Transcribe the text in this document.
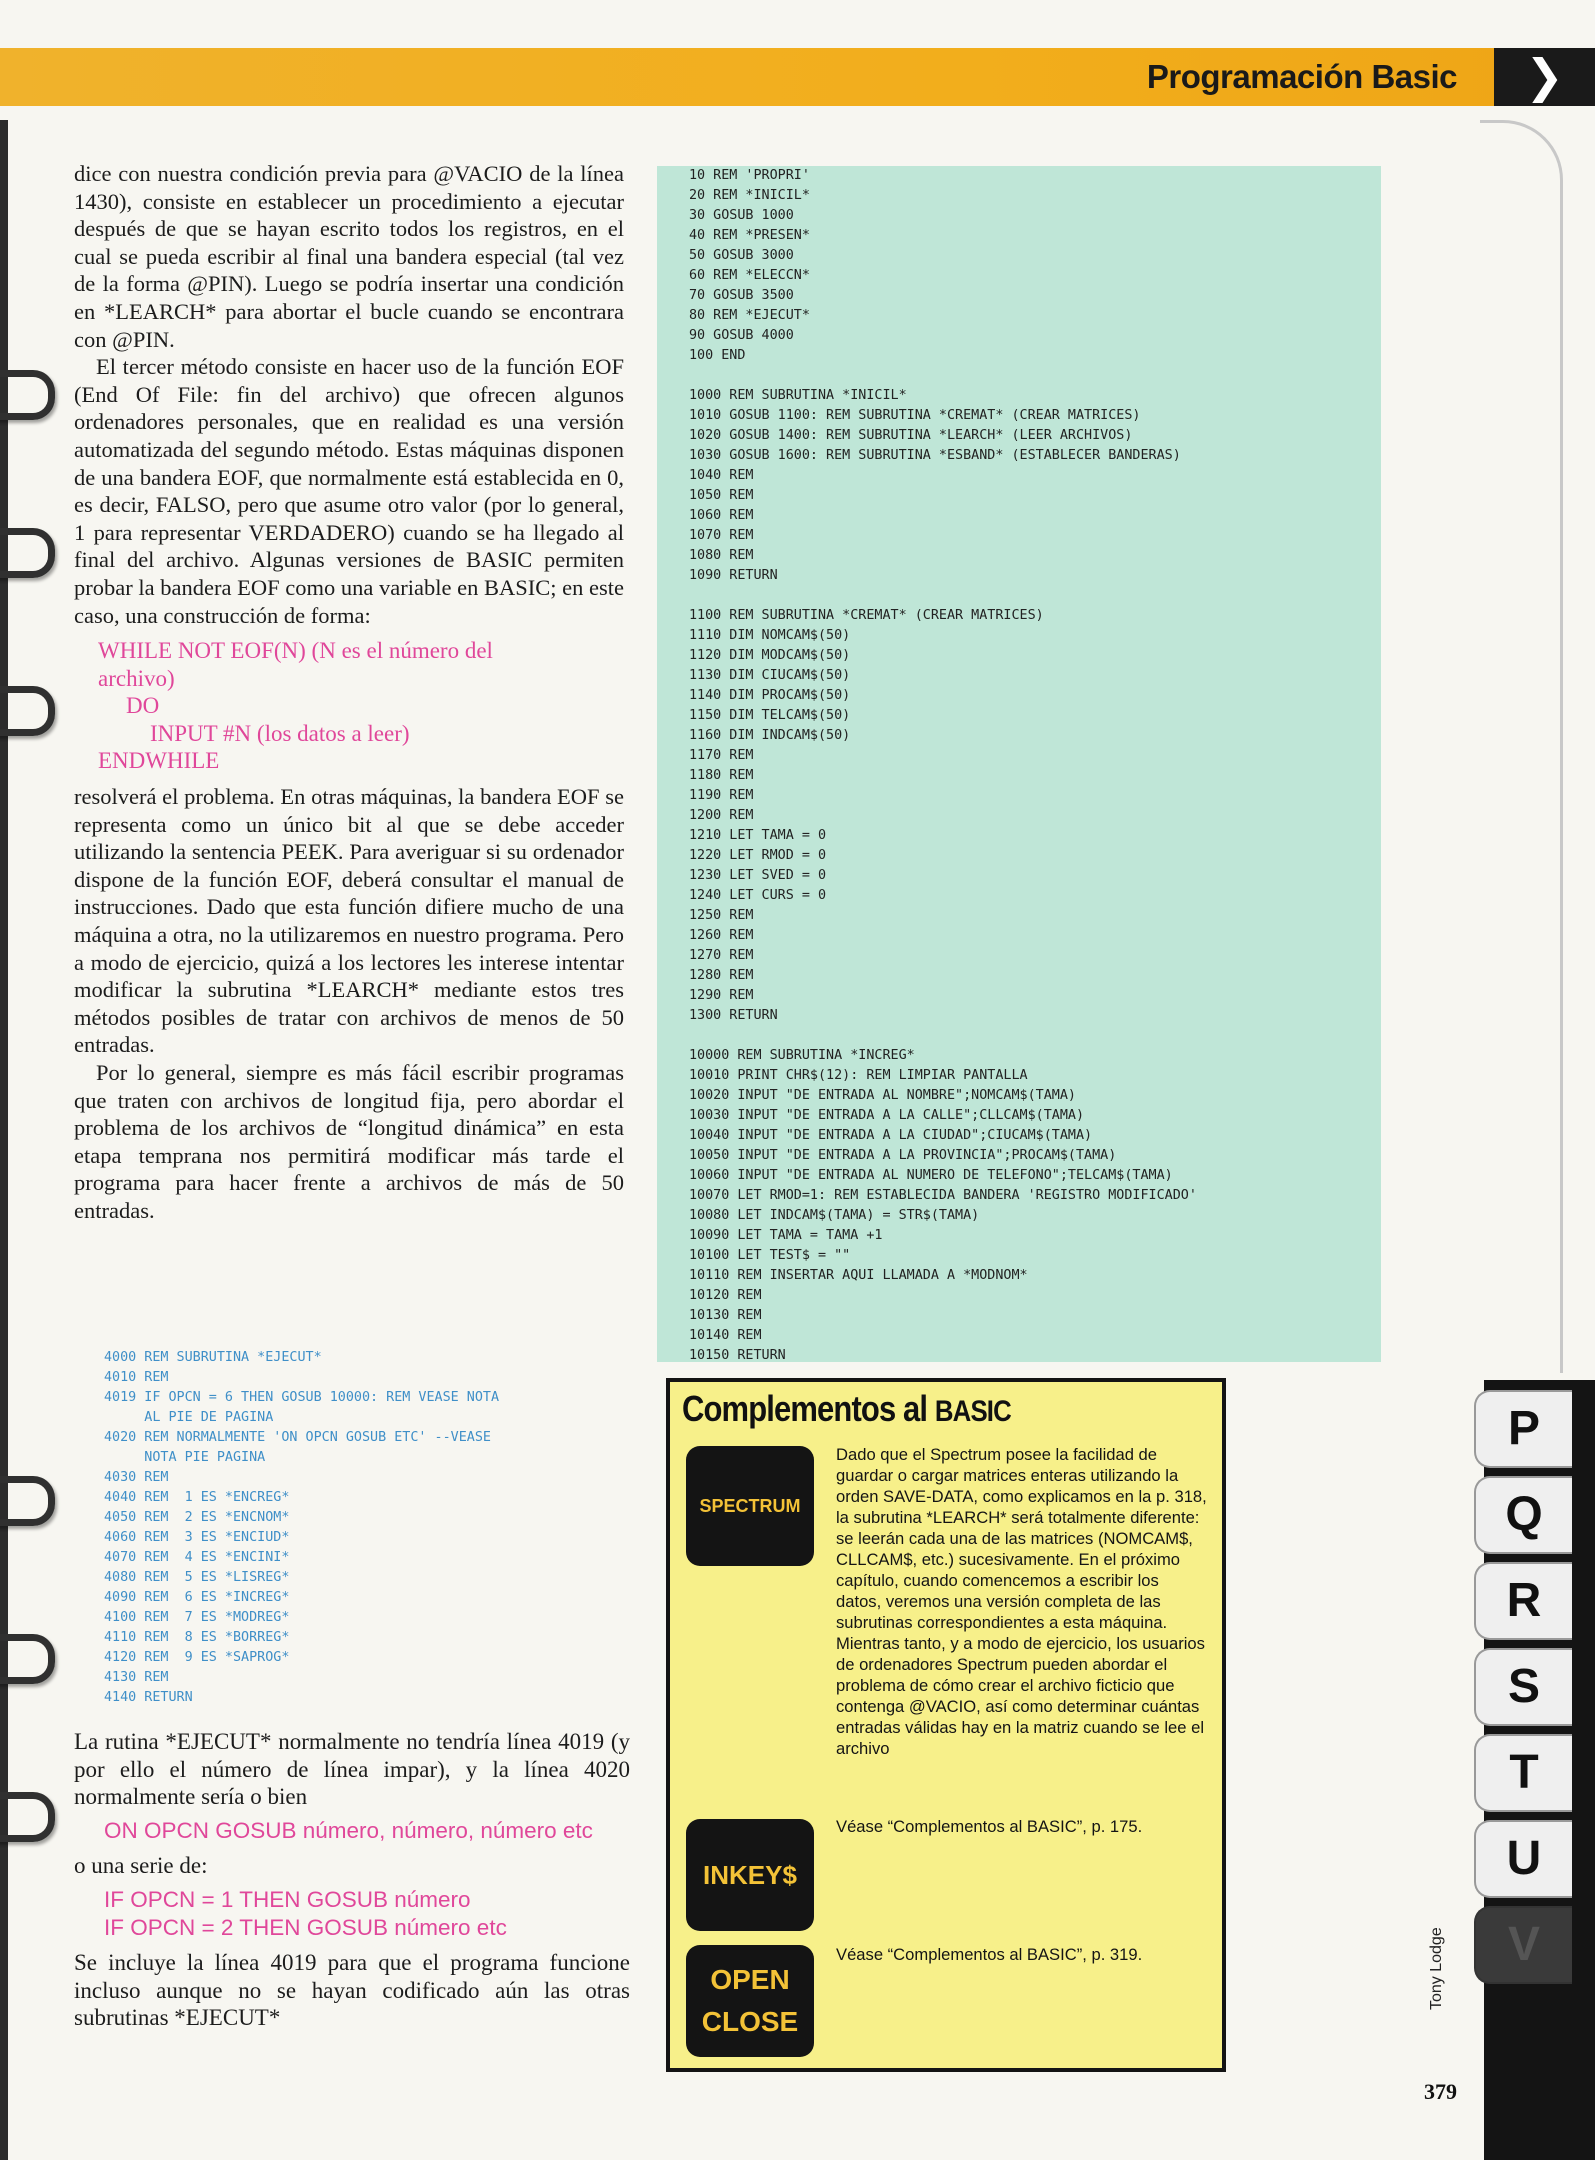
Programación Basic	❯

dice con nuestra condición previa para @VACIO de la línea 1430), consiste en establecer un procedimiento a ejecutar después de que se hayan escrito todos los registros, en el cual se pueda escribir al final una bandera especial (tal vez de la forma @PIN). Luego se podría insertar una condición en *LEARCH* para abortar el bucle cuando se encontrara con @PIN.

El tercer método consiste en hacer uso de la función EOF (End Of File: fin del archivo) que ofrecen algunos ordenadores personales, que en realidad es una versión automatizada del segundo método. Estas máquinas disponen de una bandera EOF, que normalmente está establecida en 0, es decir, FALSO, pero que asume otro valor (por lo general, 1 para representar VERDADERO) cuando se ha llegado al final del archivo. Algunas versiones de BASIC permiten probar la bandera EOF como una variable en BASIC; en este caso, una construcción de forma:

WHILE NOT EOF(N) (N es el número del
archivo)
DO
INPUT #N (los datos a leer)
ENDWHILE

resolverá el problema. En otras máquinas, la bandera EOF se representa como un único bit al que se debe acceder utilizando la sentencia PEEK. Para averiguar si su ordenador dispone de la función EOF, deberá consultar el manual de instrucciones. Dado que esta función difiere mucho de una máquina a otra, no la utilizaremos en nuestro programa. Pero a modo de ejercicio, quizá a los lectores les interese intentar modificar la subrutina *LEARCH* mediante estos tres métodos posibles de tratar con archivos de menos de 50 entradas.

Por lo general, siempre es más fácil escribir programas que traten con archivos de longitud fija, pero abordar el problema de los archivos de “longitud dinámica” en esta etapa temprana nos permitirá modificar más tarde el programa para hacer frente a archivos de más de 50 entradas.

10 REM 'PROPRI'
20 REM *INICIL*
30 GOSUB 1000
40 REM *PRESEN*
50 GOSUB 3000
60 REM *ELECCN*
70 GOSUB 3500
80 REM *EJECUT*
90 GOSUB 4000
100 END

1000 REM SUBRUTINA *INICIL*
1010 GOSUB 1100: REM SUBRUTINA *CREMAT* (CREAR MATRICES)
1020 GOSUB 1400: REM SUBRUTINA *LEARCH* (LEER ARCHIVOS)
1030 GOSUB 1600: REM SUBRUTINA *ESBAND* (ESTABLECER BANDERAS)
1040 REM
1050 REM
1060 REM
1070 REM
1080 REM
1090 RETURN

1100 REM SUBRUTINA *CREMAT* (CREAR MATRICES)
1110 DIM NOMCAM$(50)
1120 DIM MODCAM$(50)
1130 DIM CIUCAM$(50)
1140 DIM PROCAM$(50)
1150 DIM TELCAM$(50)
1160 DIM INDCAM$(50)
1170 REM
1180 REM
1190 REM
1200 REM
1210 LET TAMA = 0
1220 LET RMOD = 0
1230 LET SVED = 0
1240 LET CURS = 0
1250 REM
1260 REM
1270 REM
1280 REM
1290 REM
1300 RETURN

10000 REM SUBRUTINA *INCREG*
10010 PRINT CHR$(12): REM LIMPIAR PANTALLA
10020 INPUT "DE ENTRADA AL NOMBRE";NOMCAM$(TAMA)
10030 INPUT "DE ENTRADA A LA CALLE";CLLCAM$(TAMA)
10040 INPUT "DE ENTRADA A LA CIUDAD";CIUCAM$(TAMA)
10050 INPUT "DE ENTRADA A LA PROVINCIA";PROCAM$(TAMA)
10060 INPUT "DE ENTRADA AL NUMERO DE TELEFONO";TELCAM$(TAMA)
10070 LET RMOD=1: REM ESTABLECIDA BANDERA 'REGISTRO MODIFICADO'
10080 LET INDCAM$(TAMA) = STR$(TAMA)
10090 LET TAMA = TAMA +1
10100 LET TEST$ = ""
10110 REM INSERTAR AQUI LLAMADA A *MODNOM*
10120 REM
10130 REM
10140 REM
10150 RETURN
4000 REM SUBRUTINA *EJECUT*
4010 REM
4019 IF OPCN = 6 THEN GOSUB 10000: REM VEASE NOTA
AL PIE DE PAGINA
4020 REM NORMALMENTE 'ON OPCN GOSUB ETC' --VEASE
NOTA PIE PAGINA
4030 REM
4040 REM  1 ES *ENCREG*
4050 REM  2 ES *ENCNOM*
4060 REM  3 ES *ENCIUD*
4070 REM  4 ES *ENCINI*
4080 REM  5 ES *LISREG*
4090 REM  6 ES *INCREG*
4100 REM  7 ES *MODREG*
4110 REM  8 ES *BORREG*
4120 REM  9 ES *SAPROG*
4130 REM
4140 RETURN

La rutina *EJECUT* normalmente no tendría línea 4019 (y por ello el número de línea impar), y la línea 4020 normalmente sería o bien

ON OPCN GOSUB número, número, número etc

o una serie de:

IF OPCN = 1 THEN GOSUB número
IF OPCN = 2 THEN GOSUB número etc

Se incluye la línea 4019 para que el programa funcione incluso aunque no se hayan codificado aún las otras subrutinas *EJECUT*

Complementos al BASIC
SPECTRUM
Dado que el Spectrum posee la facilidad de guardar o cargar matrices enteras utilizando la orden SAVE-DATA, como explicamos en la p. 318, la subrutina *LEARCH* será totalmente diferente: se leerán cada una de las matrices (NOMCAM$, CLLCAM$, etc.) sucesivamente. En el próximo capítulo, cuando comencemos a escribir los datos, veremos una versión completa de las subrutinas correspondientes a esta máquina. Mientras tanto, y a modo de ejercicio, los usuarios de ordenadores Spectrum pueden abordar el problema de cómo crear el archivo ficticio que contenga @VACIO, así como determinar cuántas entradas válidas hay en la matriz cuando se lee el archivo
INKEY$
Véase “Complementos al BASIC”, p. 175.
OPEN
CLOSE
Véase “Complementos al BASIC”, p. 319.
P
Q
R
S
T
U
V
Tony Lodge
379
